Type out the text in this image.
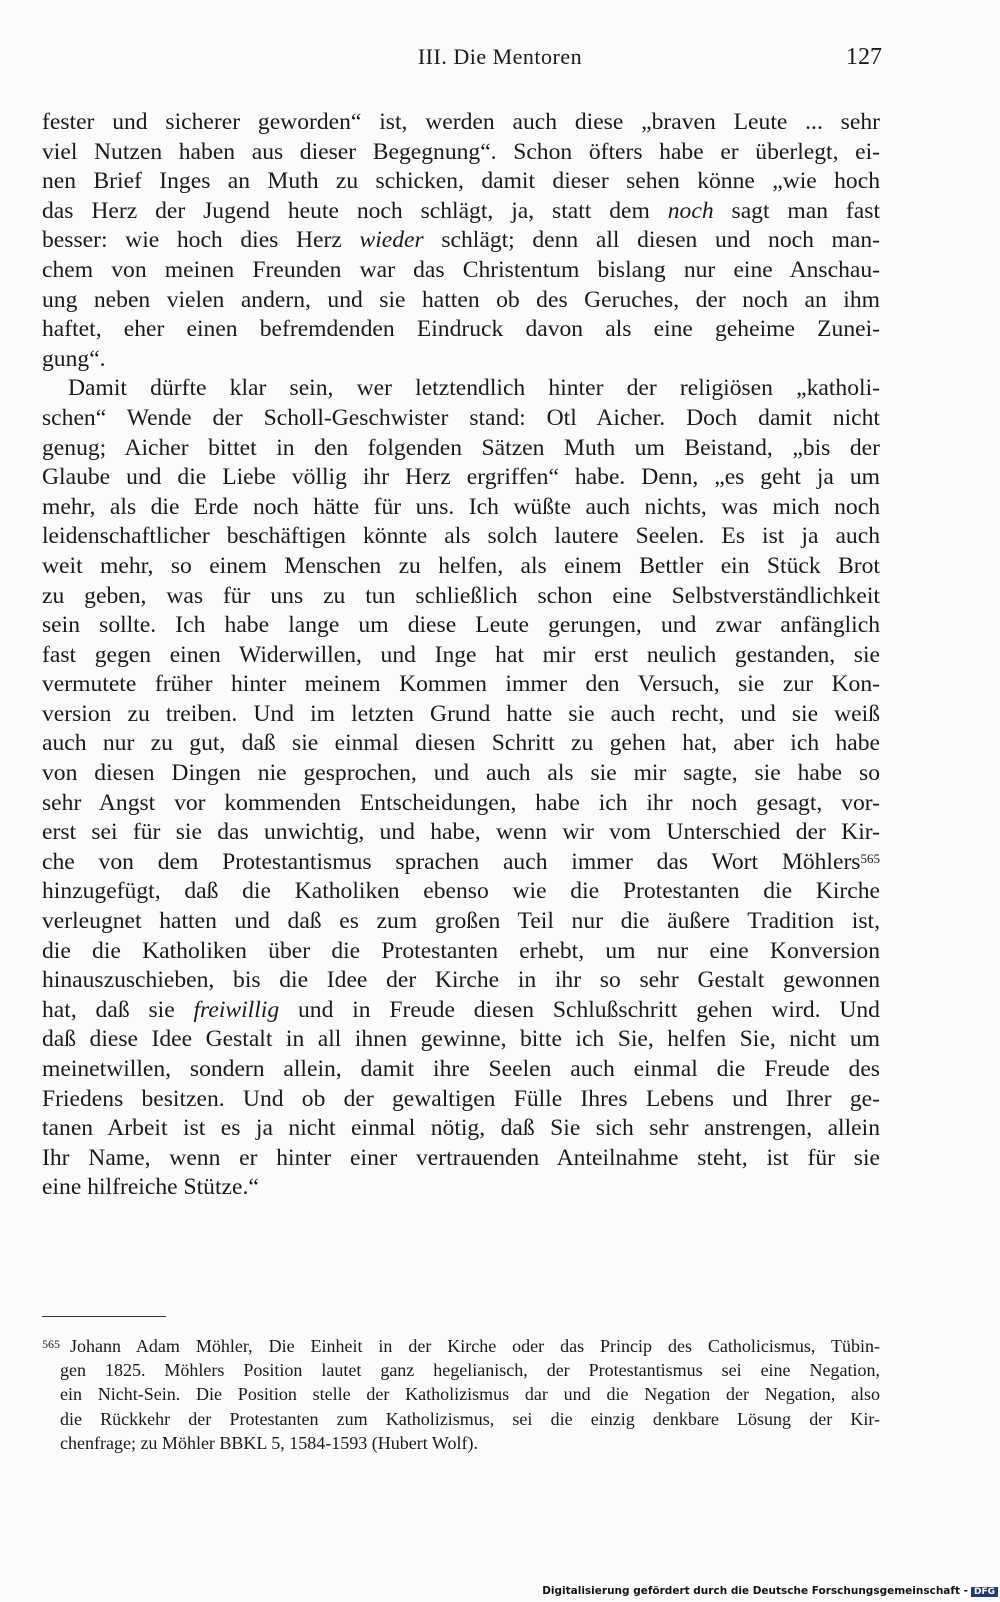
III. Die Mentoren	127
fester und sicherer geworden“ ist, werden auch diese „braven Leute ... sehr
viel Nutzen haben aus dieser Begegnung“. Schon öfters habe er überlegt, ei-
nen Brief Inges an Muth zu schicken, damit dieser sehen könne „wie hoch
das Herz der Jugend heute noch schlägt, ja, statt dem noch sagt man fast
besser: wie hoch dies Herz wieder schlägt; denn all diesen und noch man-
chem von meinen Freunden war das Christentum bislang nur eine Anschau-
ung neben vielen andern, und sie hatten ob des Geruches, der noch an ihm
haftet, eher einen befremdenden Eindruck davon als eine geheime Zunei-
gung“.
Damit dürfte klar sein, wer letztendlich hinter der religiösen „katholi-
schen“ Wende der Scholl-Geschwister stand: Otl Aicher. Doch damit nicht
genug; Aicher bittet in den folgenden Sätzen Muth um Beistand, „bis der
Glaube und die Liebe völlig ihr Herz ergriffen“ habe. Denn, „es geht ja um
mehr, als die Erde noch hätte für uns. Ich wüßte auch nichts, was mich noch
leidenschaftlicher beschäftigen könnte als solch lautere Seelen. Es ist ja auch
weit mehr, so einem Menschen zu helfen, als einem Bettler ein Stück Brot
zu geben, was für uns zu tun schließlich schon eine Selbstverständlichkeit
sein sollte. Ich habe lange um diese Leute gerungen, und zwar anfänglich
fast gegen einen Widerwillen, und Inge hat mir erst neulich gestanden, sie
vermutete früher hinter meinem Kommen immer den Versuch, sie zur Kon-
version zu treiben. Und im letzten Grund hatte sie auch recht, und sie weiß
auch nur zu gut, daß sie einmal diesen Schritt zu gehen hat, aber ich habe
von diesen Dingen nie gesprochen, und auch als sie mir sagte, sie habe so
sehr Angst vor kommenden Entscheidungen, habe ich ihr noch gesagt, vor-
erst sei für sie das unwichtig, und habe, wenn wir vom Unterschied der Kir-
che von dem Protestantismus sprachen auch immer das Wort Möhlers$^{565}$
hinzugefügt, daß die Katholiken ebenso wie die Protestanten die Kirche
verleugnet hatten und daß es zum großen Teil nur die äußere Tradition ist,
die die Katholiken über die Protestanten erhebt, um nur eine Konversion
hinauszuschieben, bis die Idee der Kirche in ihr so sehr Gestalt gewonnen
hat, daß sie freiwillig und in Freude diesen Schlußschritt gehen wird. Und
daß diese Idee Gestalt in all ihnen gewinne, bitte ich Sie, helfen Sie, nicht um
meinetwillen, sondern allein, damit ihre Seelen auch einmal die Freude des
Friedens besitzen. Und ob der gewaltigen Fülle Ihres Lebens und Ihrer ge-
tanen Arbeit ist es ja nicht einmal nötig, daß Sie sich sehr anstrengen, allein
Ihr Name, wenn er hinter einer vertrauenden Anteilnahme steht, ist für sie
eine hilfreiche Stütze.“
$^{565}$ Johann Adam Möhler, Die Einheit in der Kirche oder das Princip des Catholicismus, Tübin-
gen 1825. Möhlers Position lautet ganz hegelianisch, der Protestantismus sei eine Negation,
ein Nicht-Sein. Die Position stelle der Katholizismus dar und die Negation der Negation, also
die Rückkehr der Protestanten zum Katholizismus, sei die einzig denkbare Lösung der Kir-
chenfrage; zu Möhler BBKL 5, 1584-1593 (Hubert Wolf).
Digitalisierung gefördert durch die Deutsche Forschungsgemeinschaft - DFG
